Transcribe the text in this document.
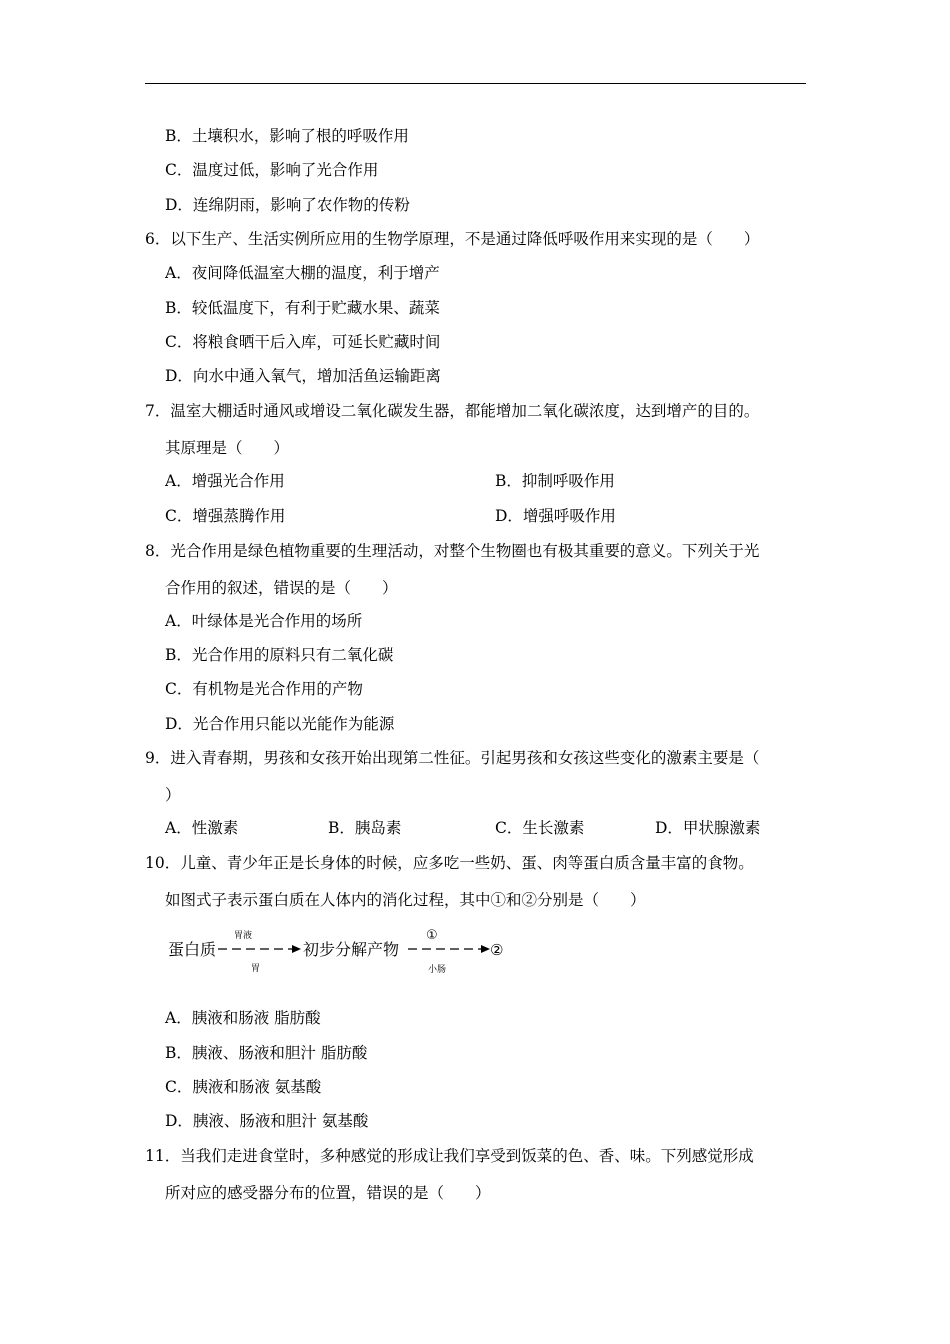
B．土壤积水，影响了根的呼吸作用
C．温度过低，影响了光合作用
D．连绵阴雨，影响了农作物的传粉
6．以下生产、生活实例所应用的生物学原理，不是通过降低呼吸作用来实现的是（　　）
A．夜间降低温室大棚的温度，利于增产
B．较低温度下，有利于贮藏水果、蔬菜
C．将粮食晒干后入库，可延长贮藏时间
D．向水中通入氧气，增加活鱼运输距离
7．温室大棚适时通风或增设二氧化碳发生器，都能增加二氧化碳浓度，达到增产的目的。
其原理是（　　）
A．增强光合作用	B．抑制呼吸作用
C．增强蒸腾作用	D．增强呼吸作用
8．光合作用是绿色植物重要的生理活动，对整个生物圈也有极其重要的意义。下列关于光
合作用的叙述，错误的是（　　）
A．叶绿体是光合作用的场所
B．光合作用的原料只有二氧化碳
C．有机物是光合作用的产物
D．光合作用只能以光能作为能源
9．进入青春期，男孩和女孩开始出现第二性征。引起男孩和女孩这些变化的激素主要是（
）
A．性激素	B．胰岛素	C．生长激素	D．甲状腺激素
10．儿童、青少年正是长身体的时候，应多吃一些奶、蛋、肉等蛋白质含量丰富的食物。
如图式子表示蛋白质在人体内的消化过程，其中①和②分别是（　　）
蛋白质
胃液
胃
初步分解产物
①
小肠
②
A．胰液和肠液 脂肪酸
B．胰液、肠液和胆汁 脂肪酸
C．胰液和肠液 氨基酸
D．胰液、肠液和胆汁 氨基酸
11．当我们走进食堂时，多种感觉的形成让我们享受到饭菜的色、香、味。下列感觉形成
所对应的感受器分布的位置，错误的是（　　）
